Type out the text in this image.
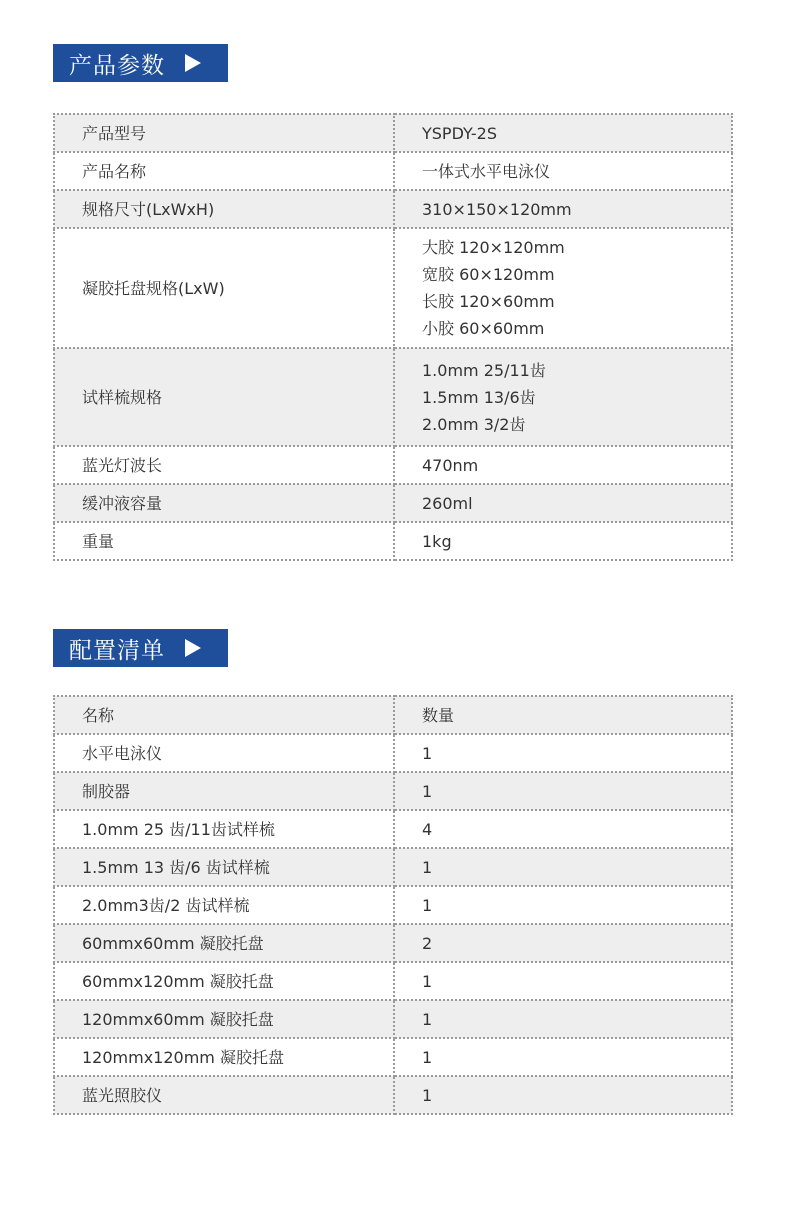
产品参数
产品型号	YSPDY-2S

产品名称	一体式水平电泳仪

规格尺寸(LxWxH)	310×150×120mm

凝胶托盘规格(LxW)	大胶 120×120mm
宽胶 60×120mm
长胶 120×60mm
小胶 60×60mm

试样梳规格	1.0mm 25/11齿
1.5mm 13/6齿
2.0mm 3/2齿

蓝光灯波长	470nm

缓冲液容量	260ml

重量	1kg
配置清单
名称	数量
水平电泳仪	1
制胶器	1
1.0mm 25 齿/11齿试样梳	4
1.5mm 13 齿/6 齿试样梳	1
2.0mm3齿/2 齿试样梳	1
60mmx60mm 凝胶托盘	2
60mmx120mm 凝胶托盘	1
120mmx60mm 凝胶托盘	1
120mmx120mm 凝胶托盘	1
蓝光照胶仪	1
